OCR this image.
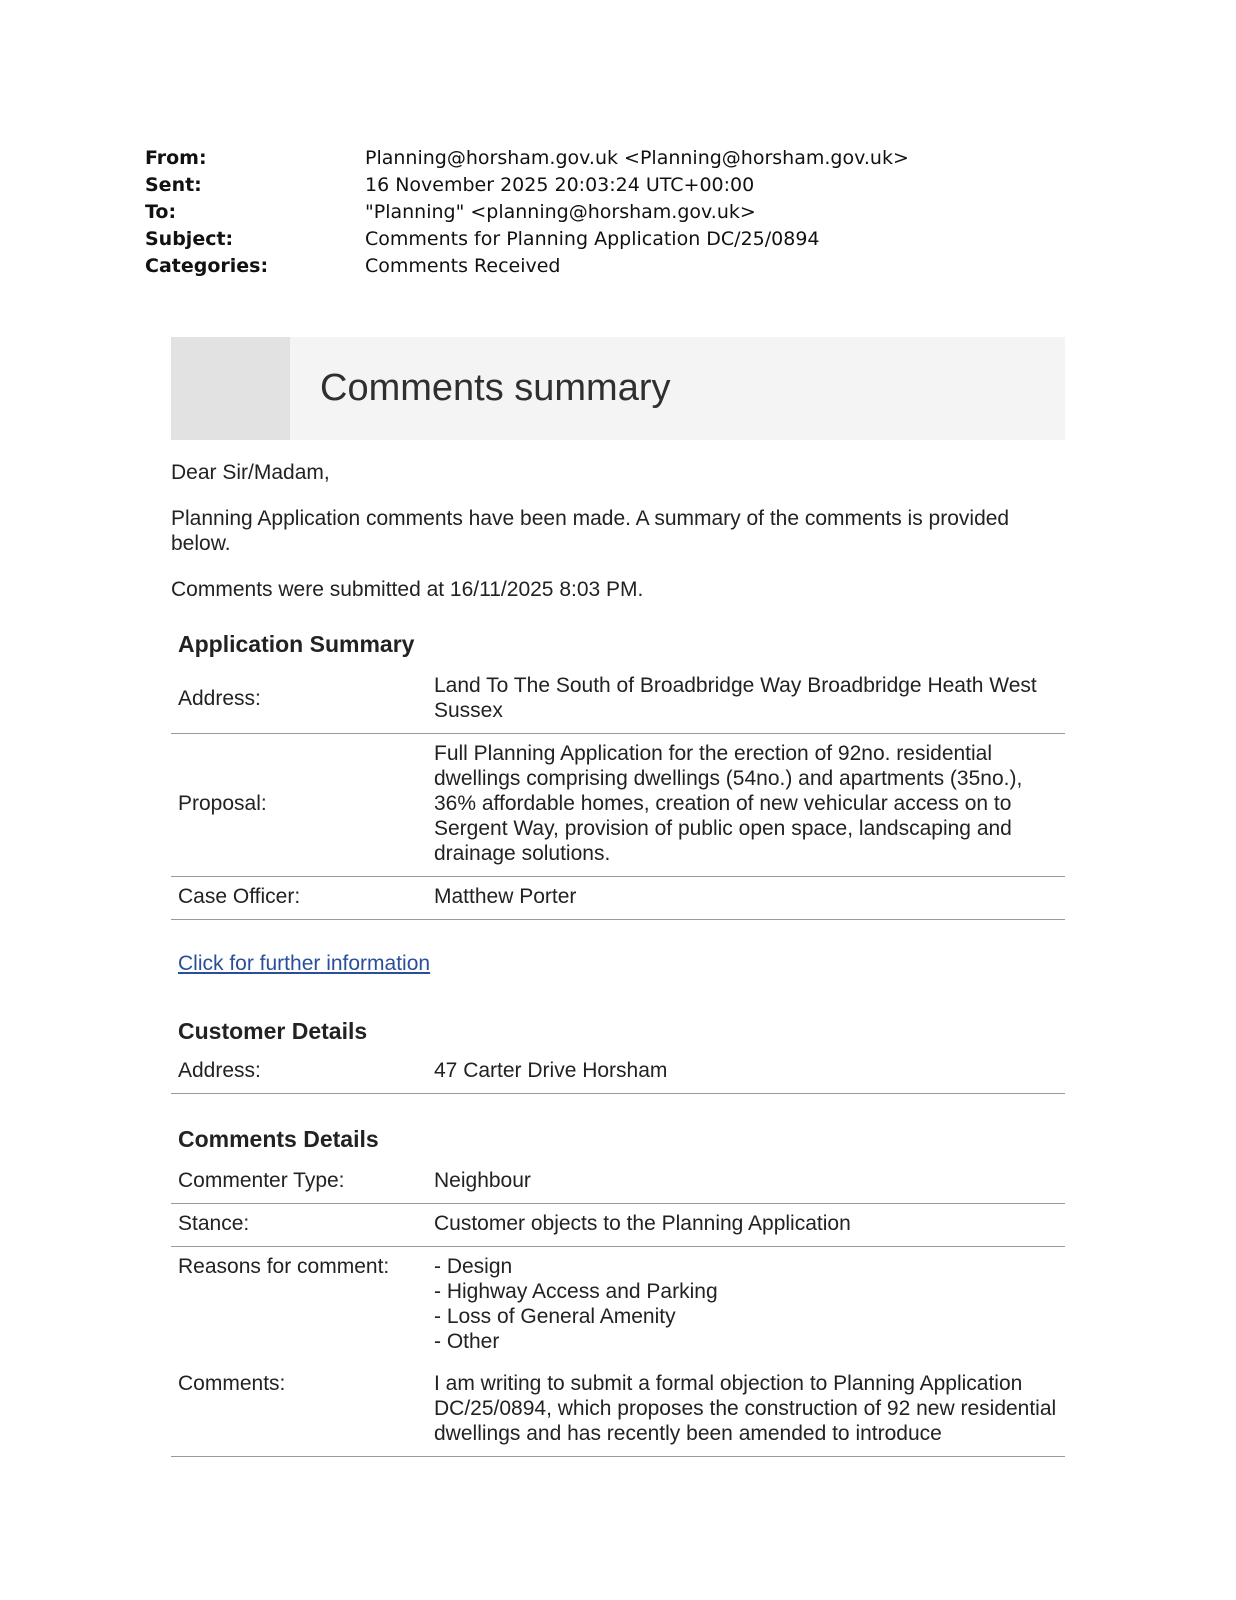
From:	Planning@horsham.gov.uk <Planning@horsham.gov.uk>
Sent:	16 November 2025 20:03:24 UTC+00:00
To:	"Planning" <planning@horsham.gov.uk>
Subject:	Comments for Planning Application DC/25/0894
Categories:	Comments Received
Comments summary

Dear Sir/Madam,

Planning Application comments have been made. A summary of the comments is provided below.

Comments were submitted at 16/11/2025 8:03 PM.

Application Summary
Address:	Land To The South of Broadbridge Way Broadbridge Heath West Sussex
Proposal:	Full Planning Application for the erection of 92no. residential dwellings comprising dwellings (54no.) and apartments (35no.), 36% affordable homes, creation of new vehicular access on to Sergent Way, provision of public open space, landscaping and drainage solutions.
Case Officer:	Matthew Porter
Click for further information
Customer Details
Address:	47 Carter Drive Horsham
Comments Details
Commenter Type:	Neighbour
Stance:	Customer objects to the Planning Application
Reasons for comment:	- Design
- Highway Access and Parking
- Loss of General Amenity
- Other

Comments:	I am writing to submit a formal objection to Planning Application DC/25/0894, which proposes the construction of 92 new residential dwellings and has recently been amended to introduce
